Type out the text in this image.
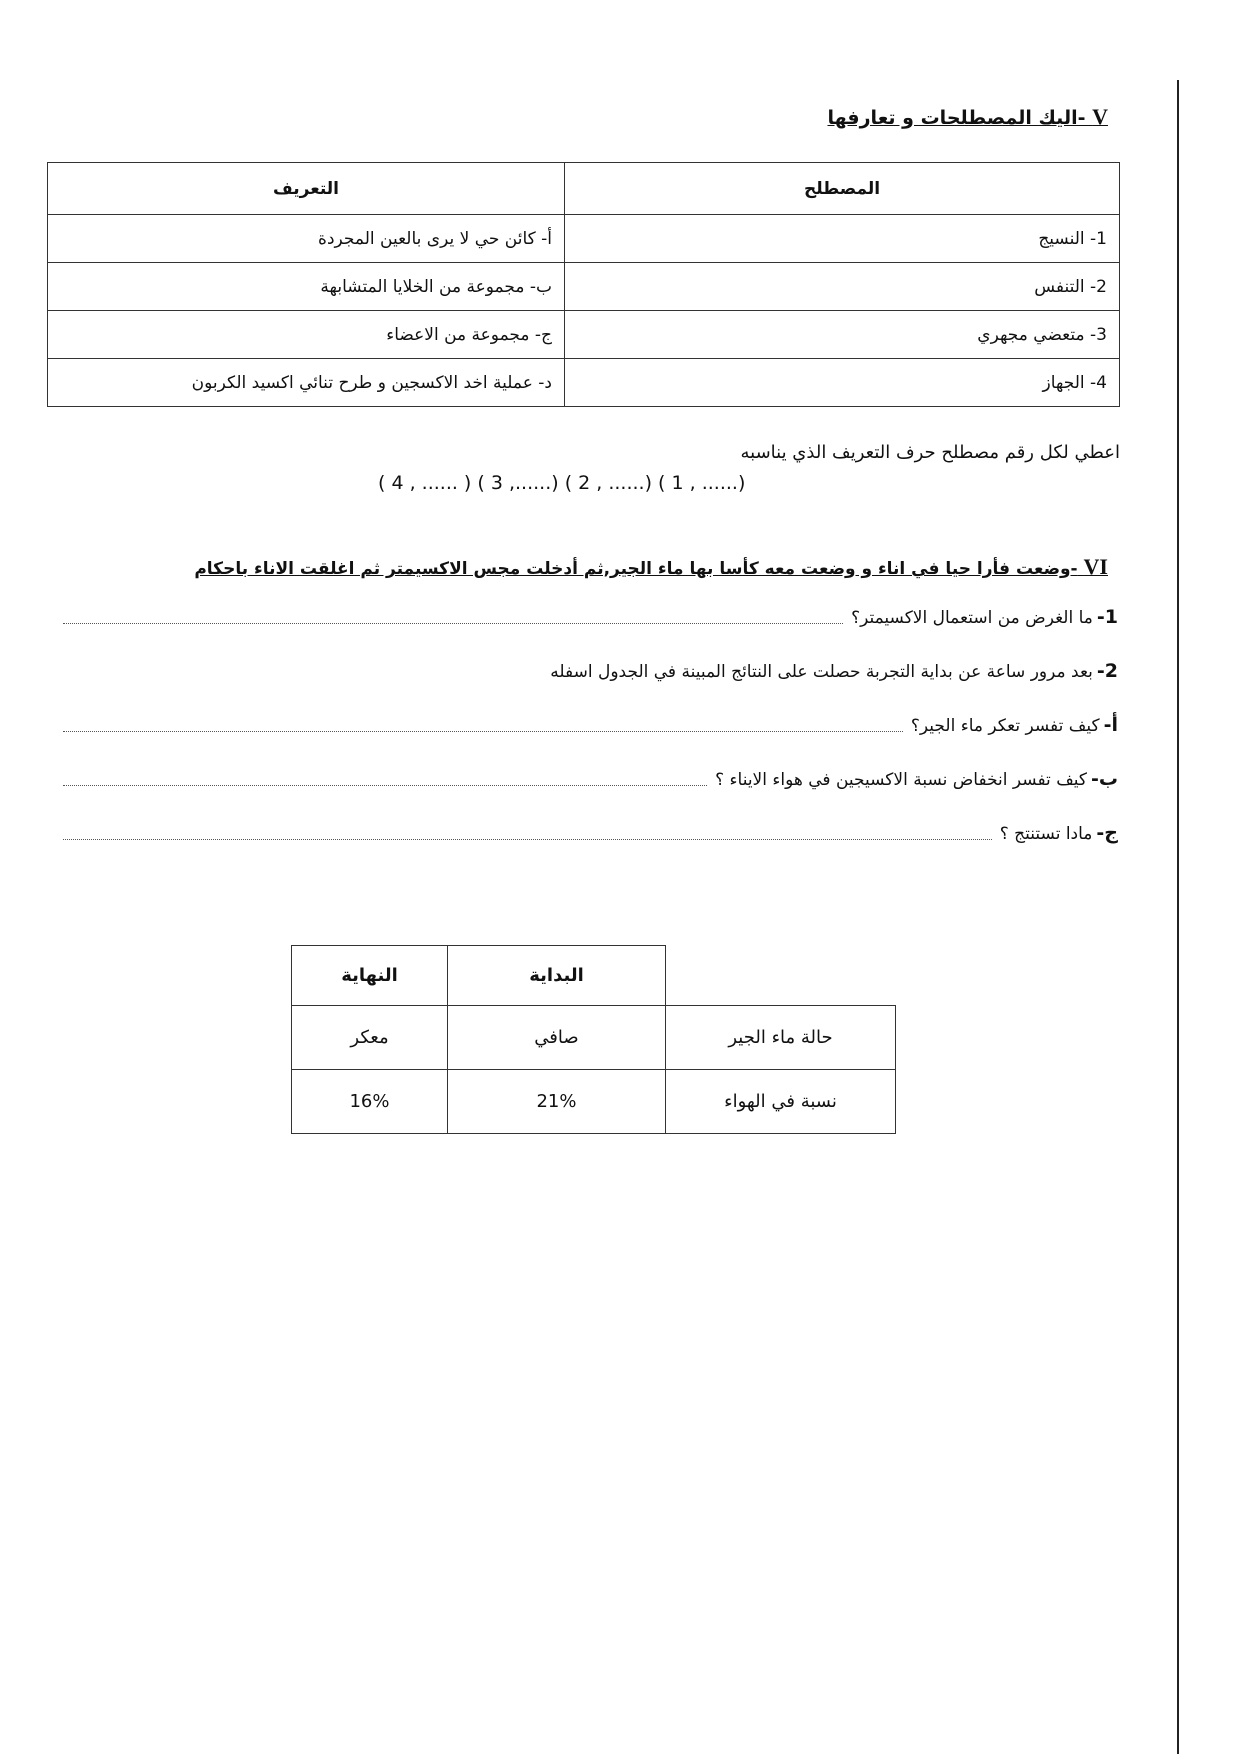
V -اليك المصطلحات و تعارفها
المصطلح	التعريف
1- النسيج	أ- كائن حي لا يرى بالعين المجردة
2- التنفس	ب- مجموعة من الخلايا المتشابهة
3- متعضي مجهري	ج- مجموعة من الاعضاء
4- الجهاز	د- عملية اخد الاكسجين و طرح تنائي اكسيد الكربون
اعطي لكل رقم مصطلح حرف التعريف الذي يناسبه
( 4 , ...... ) ( 3 ,......) ( 2 , ......) ( 1 , ......)
VI -وضعت فأرا حيا في اناء و وضعت معه كأسا بها ماء الجير,ثم أدخلت مجس الاكسيمتر ثم اغلقت الاناء باحكام
1-
ما الغرض من استعمال الاكسيمتر؟
2-
بعد مرور ساعة عن بداية التجربة حصلت على النتائج المبينة في الجدول اسفله
أ-
كيف تفسر تعكر ماء الجير؟
ب-
كيف تفسر انخفاض نسبة الاكسيجين في هواء الايناء ؟
ج-
مادا تستنتج ؟
	البداية	النهاية
حالة ماء الجير	صافي	معكر
نسبة في الهواء	21%	16%
